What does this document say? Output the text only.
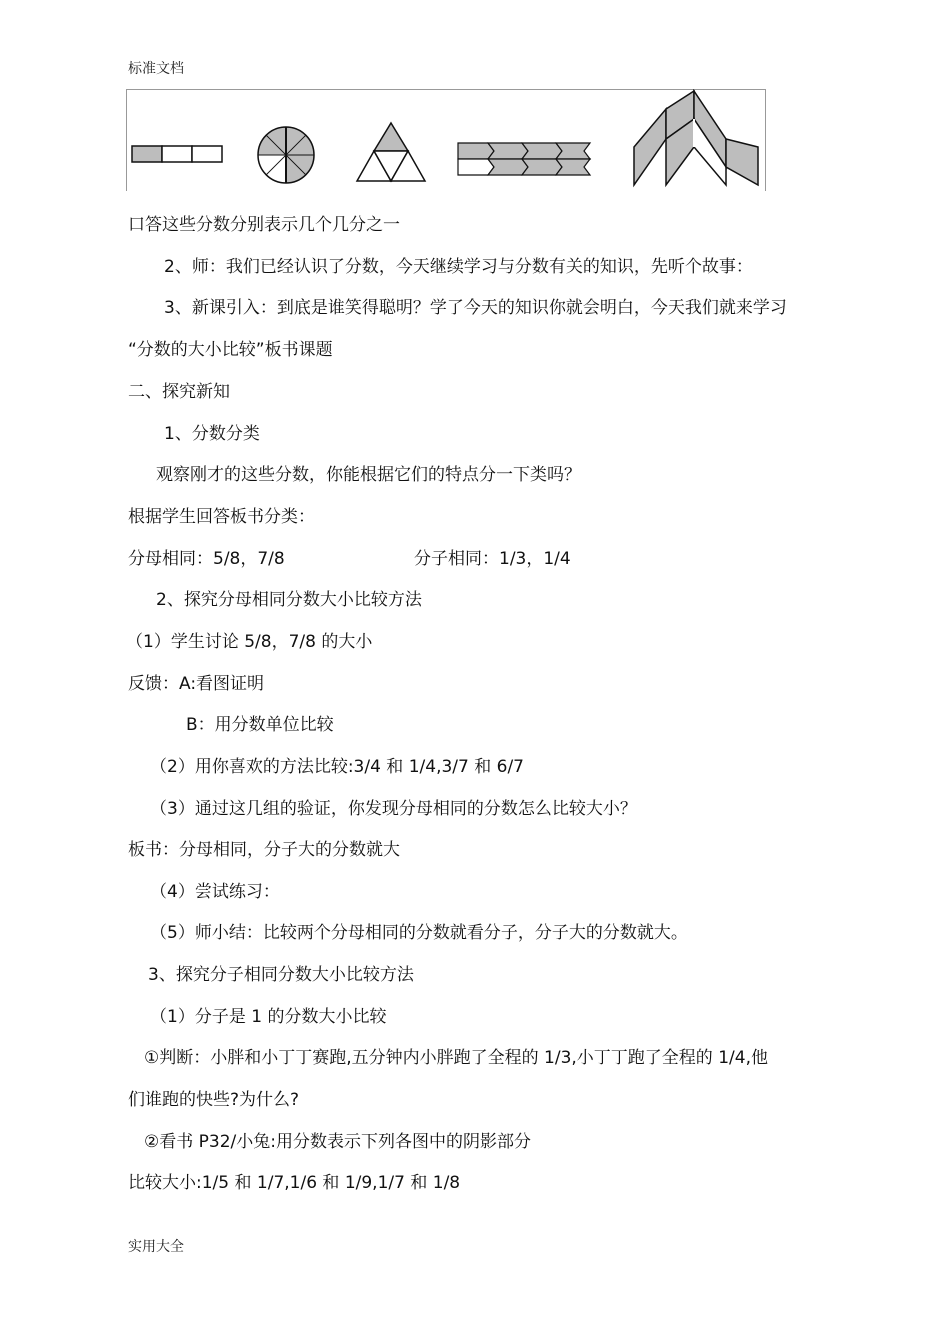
标准文档
口答这些分数分别表示几个几分之一
2、师：我们已经认识了分数，今天继续学习与分数有关的知识，先听个故事：
3、新课引入：到底是谁笑得聪明？学了今天的知识你就会明白，今天我们就来学习
“分数的大小比较”板书课题
二、探究新知
1、分数分类
观察刚才的这些分数，你能根据它们的特点分一下类吗？
根据学生回答板书分类：
分母相同：5/8，7/8	分子相同：1/3，1/4
2、探究分母相同分数大小比较方法
（1）学生讨论 5/8，7/8 的大小
反馈：A:看图证明
B：用分数单位比较
（2）用你喜欢的方法比较:3/4 和 1/4,3/7 和 6/7
（3）通过这几组的验证，你发现分母相同的分数怎么比较大小？
板书：分母相同，分子大的分数就大
（4）尝试练习：
（5）师小结：比较两个分母相同的分数就看分子，分子大的分数就大。
3、探究分子相同分数大小比较方法
（1）分子是 1 的分数大小比较
①判断：小胖和小丁丁赛跑,五分钟内小胖跑了全程的 1/3,小丁丁跑了全程的 1/4,他
们谁跑的快些?为什么?
②看书 P32/小兔:用分数表示下列各图中的阴影部分
比较大小:1/5 和 1/7,1/6 和 1/9,1/7 和 1/8
实用大全
